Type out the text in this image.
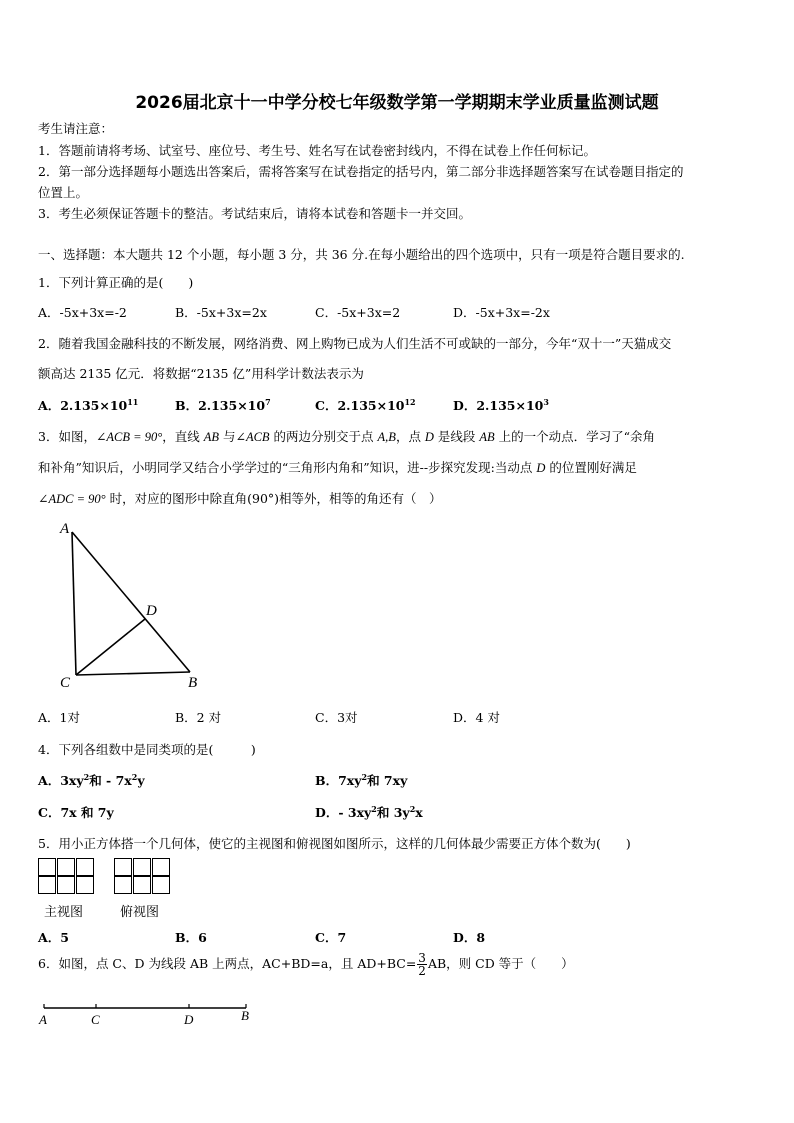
2026届北京十一中学分校七年级数学第一学期期末学业质量监测试题
考生请注意：
1．答题前请将考场、试室号、座位号、考生号、姓名写在试卷密封线内，不得在试卷上作任何标记。
2．第一部分选择题每小题选出答案后，需将答案写在试卷指定的括号内，第二部分非选择题答案写在试卷题目指定的
位置上。
3．考生必须保证答题卡的整洁。考试结束后，请将本试卷和答题卡一并交回。
一、选择题：本大题共 12 个小题，每小题 3 分，共 36 分.在每小题给出的四个选项中，只有一项是符合题目要求的.
1．下列计算正确的是(　　)
A．-5x+3x=-2	B．-5x+3x=2x	C．-5x+3x=2	D．-5x+3x=-2x
2．随着我国金融科技的不断发展，网络消费、网上购物已成为人们生活不可或缺的一部分，今年“双十一”天猫成交
额高达 2135 亿元．将数据“2135 亿”用科学计数法表示为
A．$2.135\times 10^{11}$	B．$2.135\times 10^7$	C．$2.135\times 10^{12}$	D．$2.135\times 10^3$
3．如图，∠ACB = 90°，直线 AB 与∠ACB 的两边分别交于点 A,B，点 D 是线段 AB 上的一个动点．学习了“余角
和补角”知识后，小明同学又结合小学学过的“三角形内角和”知识，进--步探究发现:当动点 D 的位置刚好满足
∠ADC = 90° 时，对应的图形中除直角(90°)相等外，相等的角还有（　）
A
D
C	B
A．1对	B．2 对	C．3对	D．4 对
4．下列各组数中是同类项的是(　　　)
A．$3xy^2$和 - $7x^2y$	B．$7xy^2$和 7xy
C．7x 和 7y	D．- $3xy^2$和 $3y^2x$
5．用小正方体搭一个几何体，使它的主视图和俯视图如图所示，这样的几何体最少需要正方体个数为(　　)
主视图	俯视图
A．5	B．6	C．7	D．8
6．如图，点 C、D 为线段 AB 上两点，AC+BD=a，且 $AD+BC= \frac{3}{2}$ AB，则 CD 等于（　　）
A	C	D	B
